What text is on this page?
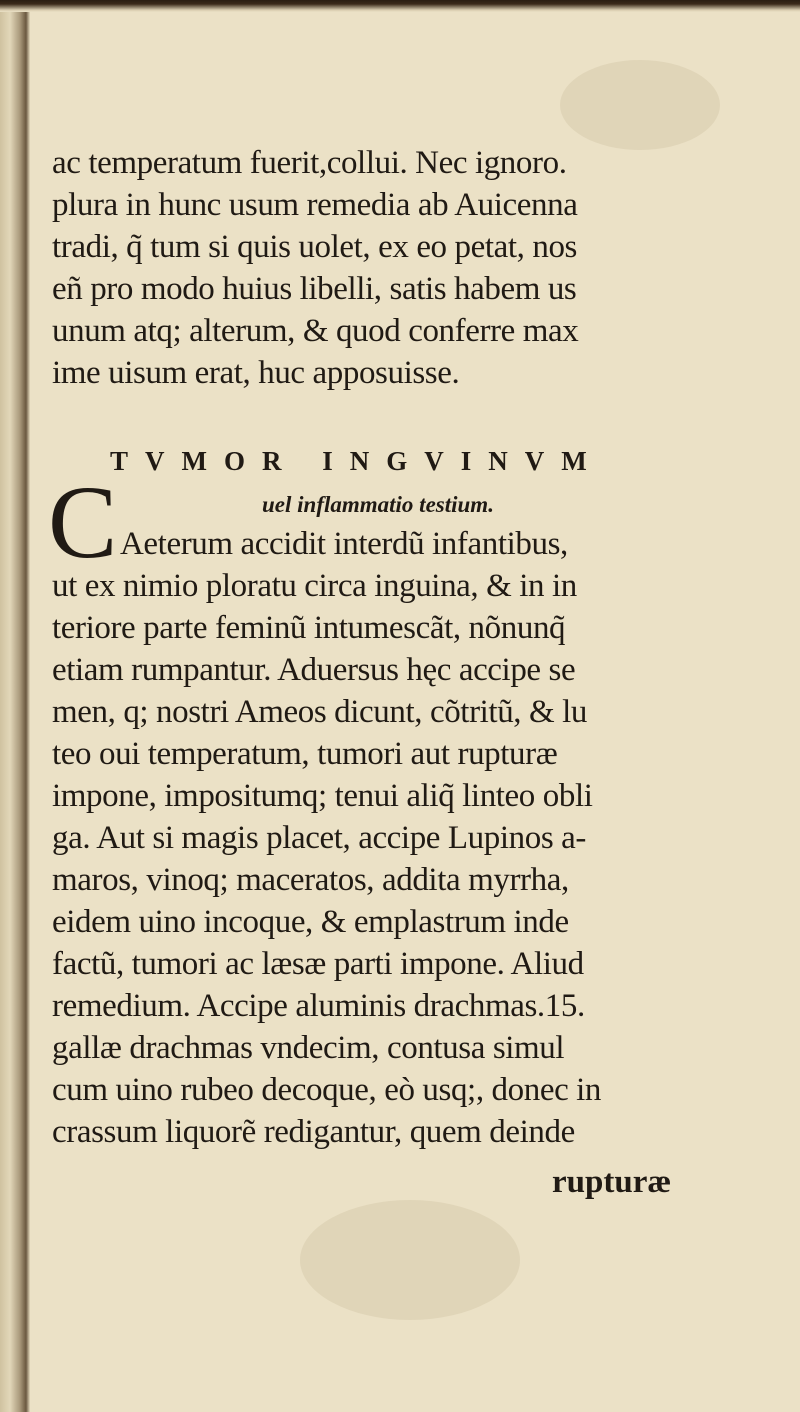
ac temperatum fuerit,collui. Nec ignoro.
plura in hunc usum remedia ab Auicenna
tradi, q̃ tum si quis uolet, ex eo petat, nos
eñ pro modo huius libelli, satis habem us
unum atq; alterum, & quod conferre max
ime uisum erat, huc apposuisse.
TVMOR INGVINVM
uel inflammatio testium.
C Aeterum accidit interdũ infantibus,
ut ex nimio ploratu circa inguina, & in in
teriore parte feminũ intumescãt, nõnunq̃
etiam rumpantur. Aduersus hęc accipe se
men, q; nostri Ameos dicunt, cõtritũ, & lu
teo oui temperatum, tumori aut rupturæ
impone, impositumq; tenui aliq̃ linteo obli
ga. Aut si magis placet, accipe Lupinos a-
maros, vinoq; maceratos, addita myrrha,
eidem uino incoque, & emplastrum inde
factũ, tumori ac læsæ parti impone. Aliud
remedium. Accipe aluminis drachmas.15.
gallæ drachmas vndecim, contusa simul
cum uino rubeo decoque, eò usq;, donec in
crassum liquorẽ redigantur, quem deinde
rupturæ
